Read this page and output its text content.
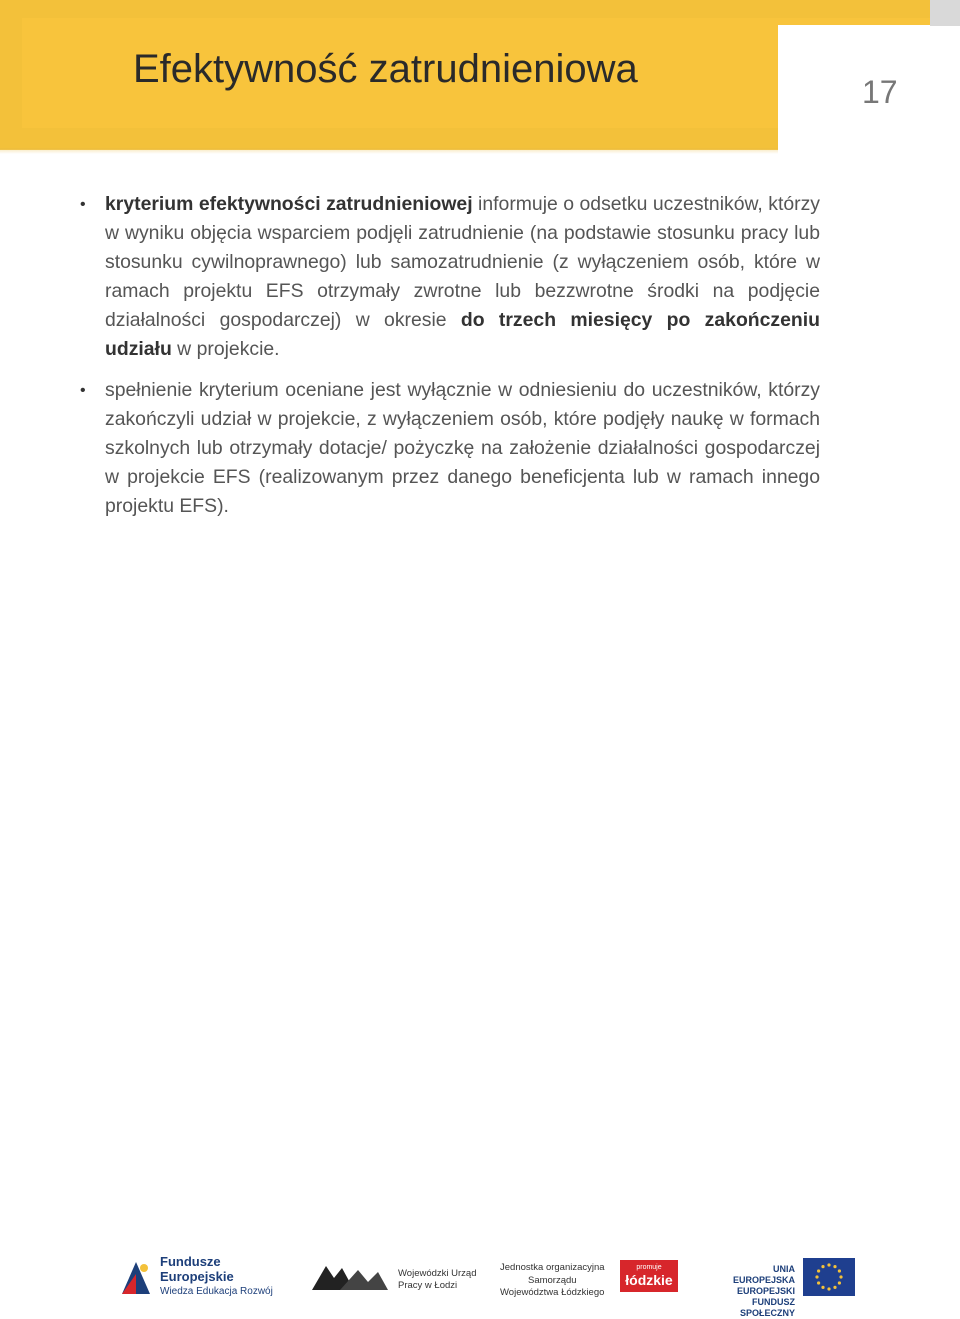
Efektywność zatrudnieniowa
17
• kryterium efektywności zatrudnieniowej informuje o odsetku uczestników, którzy w wyniku objęcia wsparciem podjęli zatrudnienie (na podstawie stosunku pracy lub stosunku cywilnoprawnego) lub samozatrudnienie (z wyłączeniem osób, które w ramach projektu EFS otrzymały zwrotne lub bezzwrotne środki na podjęcie działalności gospodarczej) w okresie do trzech miesięcy po zakończeniu udziału w projekcie.
• spełnienie kryterium oceniane jest wyłącznie w odniesieniu do uczestników, którzy zakończyli udział w projekcie, z wyłączeniem osób, które podjęły naukę w formach szkolnych lub otrzymały dotacje/ pożyczkę na założenie działalności gospodarczej w projekcie EFS (realizowanym przez danego beneficjenta lub w ramach innego projektu EFS).
Fundusze
Europejskie
Wiedza Edukacja Rozwój
Wojewódzki Urząd
Pracy w Łodzi
Jednostka organizacyjna
Samorządu
Województwa Łódzkiego
promuje
łódzkie
UNIA EUROPEJSKA
EUROPEJSKI
FUNDUSZ SPOŁECZNY
